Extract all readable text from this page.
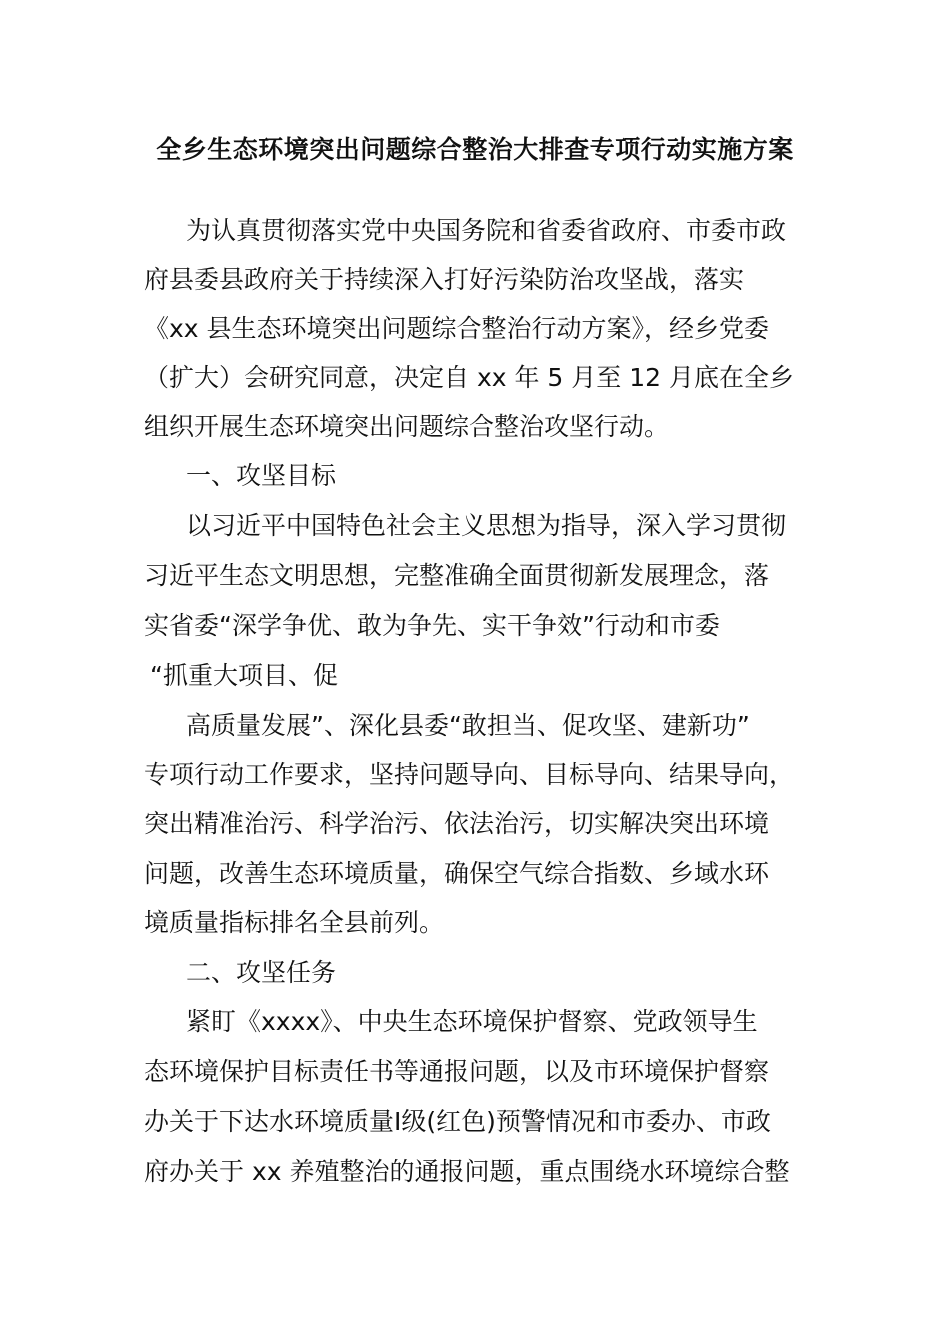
全乡生态环境突出问题综合整治大排查专项行动实施方案
为认真贯彻落实党中央国务院和省委省政府、市委市政
府县委县政府关于持续深入打好污染防治攻坚战，落实
《xx 县生态环境突出问题综合整治行动方案》，经乡党委
（扩大）会研究同意，决定自 xx 年 5 月至 12 月底在全乡
组织开展生态环境突出问题综合整治攻坚行动。
一、攻坚目标
以习近平中国特色社会主义思想为指导，深入学习贯彻
习近平生态文明思想，完整准确全面贯彻新发展理念，落
实省委“深学争优、敢为争先、实干争效”行动和市委
“抓重大项目、促
高质量发展”、深化县委“敢担当、促攻坚、建新功”
专项行动工作要求，坚持问题导向、目标导向、结果导向，
突出精准治污、科学治污、依法治污，切实解决突出环境
问题，改善生态环境质量，确保空气综合指数、乡域水环
境质量指标排名全县前列。
二、攻坚任务
紧盯《xxxx》、中央生态环境保护督察、党政领导生
态环境保护目标责任书等通报问题，以及市环境保护督察
办关于下达水环境质量Ⅰ级(红色)预警情况和市委办、市政
府办关于 xx 养殖整治的通报问题，重点围绕水环境综合整
